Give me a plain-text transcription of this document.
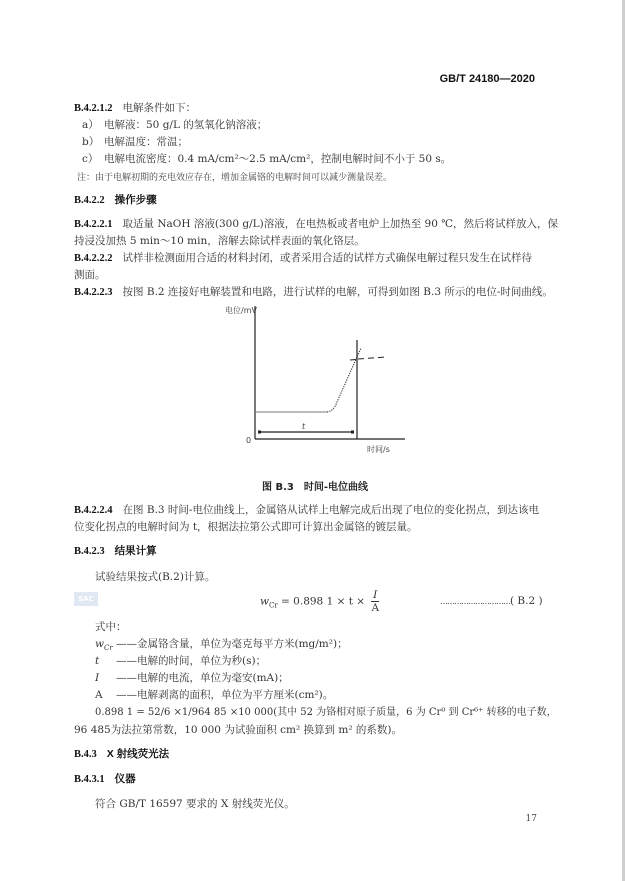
GB/T 24180—2020
B.4.2.1.2 电解条件如下：
a） 电解液：50 g/L 的氢氧化钠溶液；
b） 电解温度：常温；
c） 电解电流密度：0.4 mA/cm²～2.5 mA/cm²，控制电解时间不小于 50 s。
注：由于电解初期的充电效应存在，增加金属铬的电解时间可以减少测量误差。
B.4.2.2 操作步骤
B.4.2.2.1 取适量 NaOH 溶液(300 g/L)溶液，在电热板或者电炉上加热至 90 ℃，然后将试样放入，保
持浸没加热 5 min～10 min，溶解去除试样表面的氧化铬层。
B.4.2.2.2 试样非检测面用合适的材料封闭，或者采用合适的试样方式确保电解过程只发生在试样待
测面。
B.4.2.2.3 按图 B.2 连接好电解装置和电路，进行试样的电解，可得到如图 B.3 所示的电位-时间曲线。
电位/mV
0
时间/s
t
图 B.3　时间-电位曲线
B.4.2.2.4 在图 B.3 时间-电位曲线上，金属铬从试样上电解完成后出现了电位的变化拐点，到达该电
位变化拐点的电解时间为 t，根据法拉第公式即可计算出金属铬的镀层量。
B.4.2.3 结果计算
试验结果按式(B.2)计算。
SAC	$w_{Cr} = 0.898$ $1 \times t \times \frac{I}{A}$	…………………………( B.2 )
式中：
$w_{Cr}$ ——金属铬含量，单位为毫克每平方米(mg/m²)；
t ——电解的时间，单位为秒(s)；
I ——电解的电流，单位为毫安(mA)；
A ——电解剥离的面积，单位为平方厘米(cm²)。
0.898 1 = 52/6 ×1/964 85 ×10 000(其中 52 为铬相对原子质量，6 为 Cr⁰ 到 Cr⁶⁺ 转移的电子数，
96 485为法拉第常数，10 000 为试验面积 cm² 换算到 m² 的系数)。
B.4.3 X 射线荧光法
B.4.3.1 仪器
符合 GB/T 16597 要求的 X 射线荧光仪。
17
